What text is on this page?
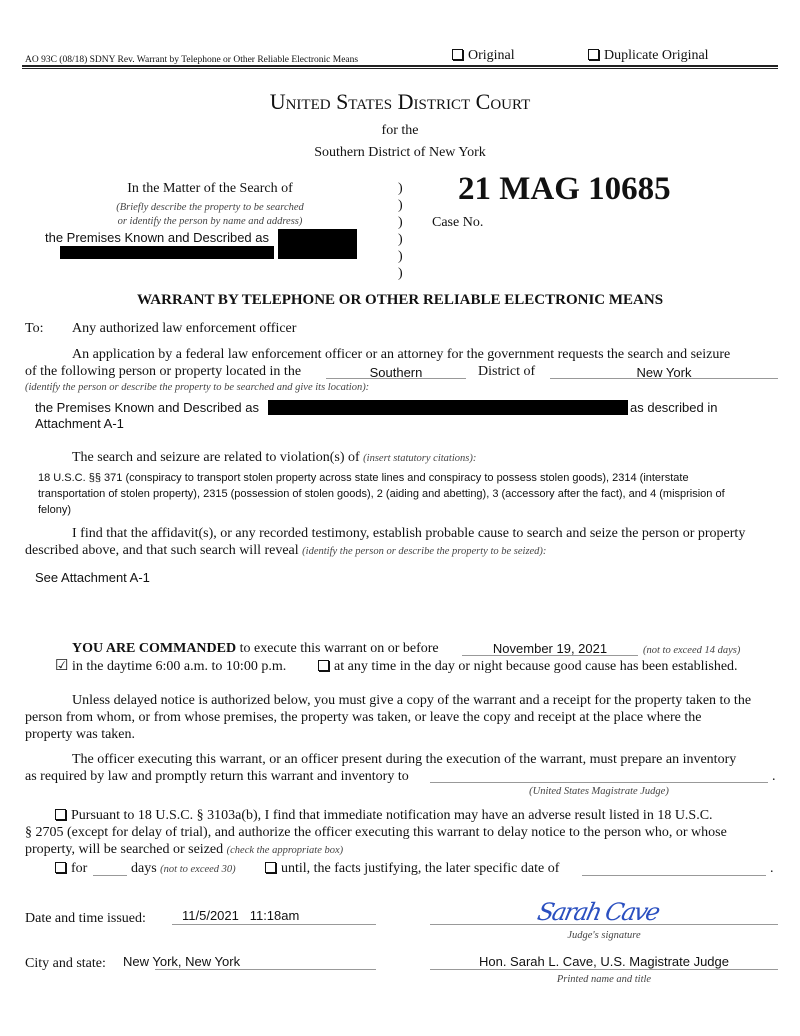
AO 93C (08/18) SDNY Rev. Warrant by Telephone or Other Reliable Electronic Means	Original	Duplicate Original
United States District Court
for the
Southern District of New York
In the Matter of the Search of
(Briefly describe the property to be searched
or identify the person by name and address)
the Premises Known and Described as
)
)
)
)
)
)
21 MAG 10685
Case No.
WARRANT BY TELEPHONE OR OTHER RELIABLE ELECTRONIC MEANS
To: Any authorized law enforcement officer
An application by a federal law enforcement officer or an attorney for the government requests the search and seizure
of the following person or property located in the	Southern	District of	New York
(identify the person or describe the property to be searched and give its location):
the Premises Known and Described as	as described in
Attachment A-1
The search and seizure are related to violation(s) of (insert statutory citations):
18 U.S.C. §§ 371 (conspiracy to transport stolen property across state lines and conspiracy to possess stolen goods), 2314 (interstate
transportation of stolen property), 2315 (possession of stolen goods), 2 (aiding and abetting), 3 (accessory after the fact), and 4 (misprision of
felony)
I find that the affidavit(s), or any recorded testimony, establish probable cause to search and seize the person or property
described above, and that such search will reveal (identify the person or describe the property to be seized):
See Attachment A-1
YOU ARE COMMANDED to execute this warrant on or before	November 19, 2021	(not to exceed 14 days)
☑ in the daytime 6:00 a.m. to 10:00 p.m.	at any time in the day or night because good cause has been established.
Unless delayed notice is authorized below, you must give a copy of the warrant and a receipt for the property taken to the
person from whom, or from whose premises, the property was taken, or leave the copy and receipt at the place where the
property was taken.
The officer executing this warrant, or an officer present during the execution of the warrant, must prepare an inventory
as required by law and promptly return this warrant and inventory to	.
(United States Magistrate Judge)
Pursuant to 18 U.S.C. § 3103a(b), I find that immediate notification may have an adverse result listed in 18 U.S.C.
§ 2705 (except for delay of trial), and authorize the officer executing this warrant to delay notice to the person who, or whose
property, will be searched or seized (check the appropriate box)
for	days (not to exceed 30)	until, the facts justifying, the later specific date of	.
Date and time issued:	11/5/2021   11:18am	Sarah Cave
Judge's signature
City and state: New York, New York	Hon. Sarah L. Cave, U.S. Magistrate Judge
Printed name and title
